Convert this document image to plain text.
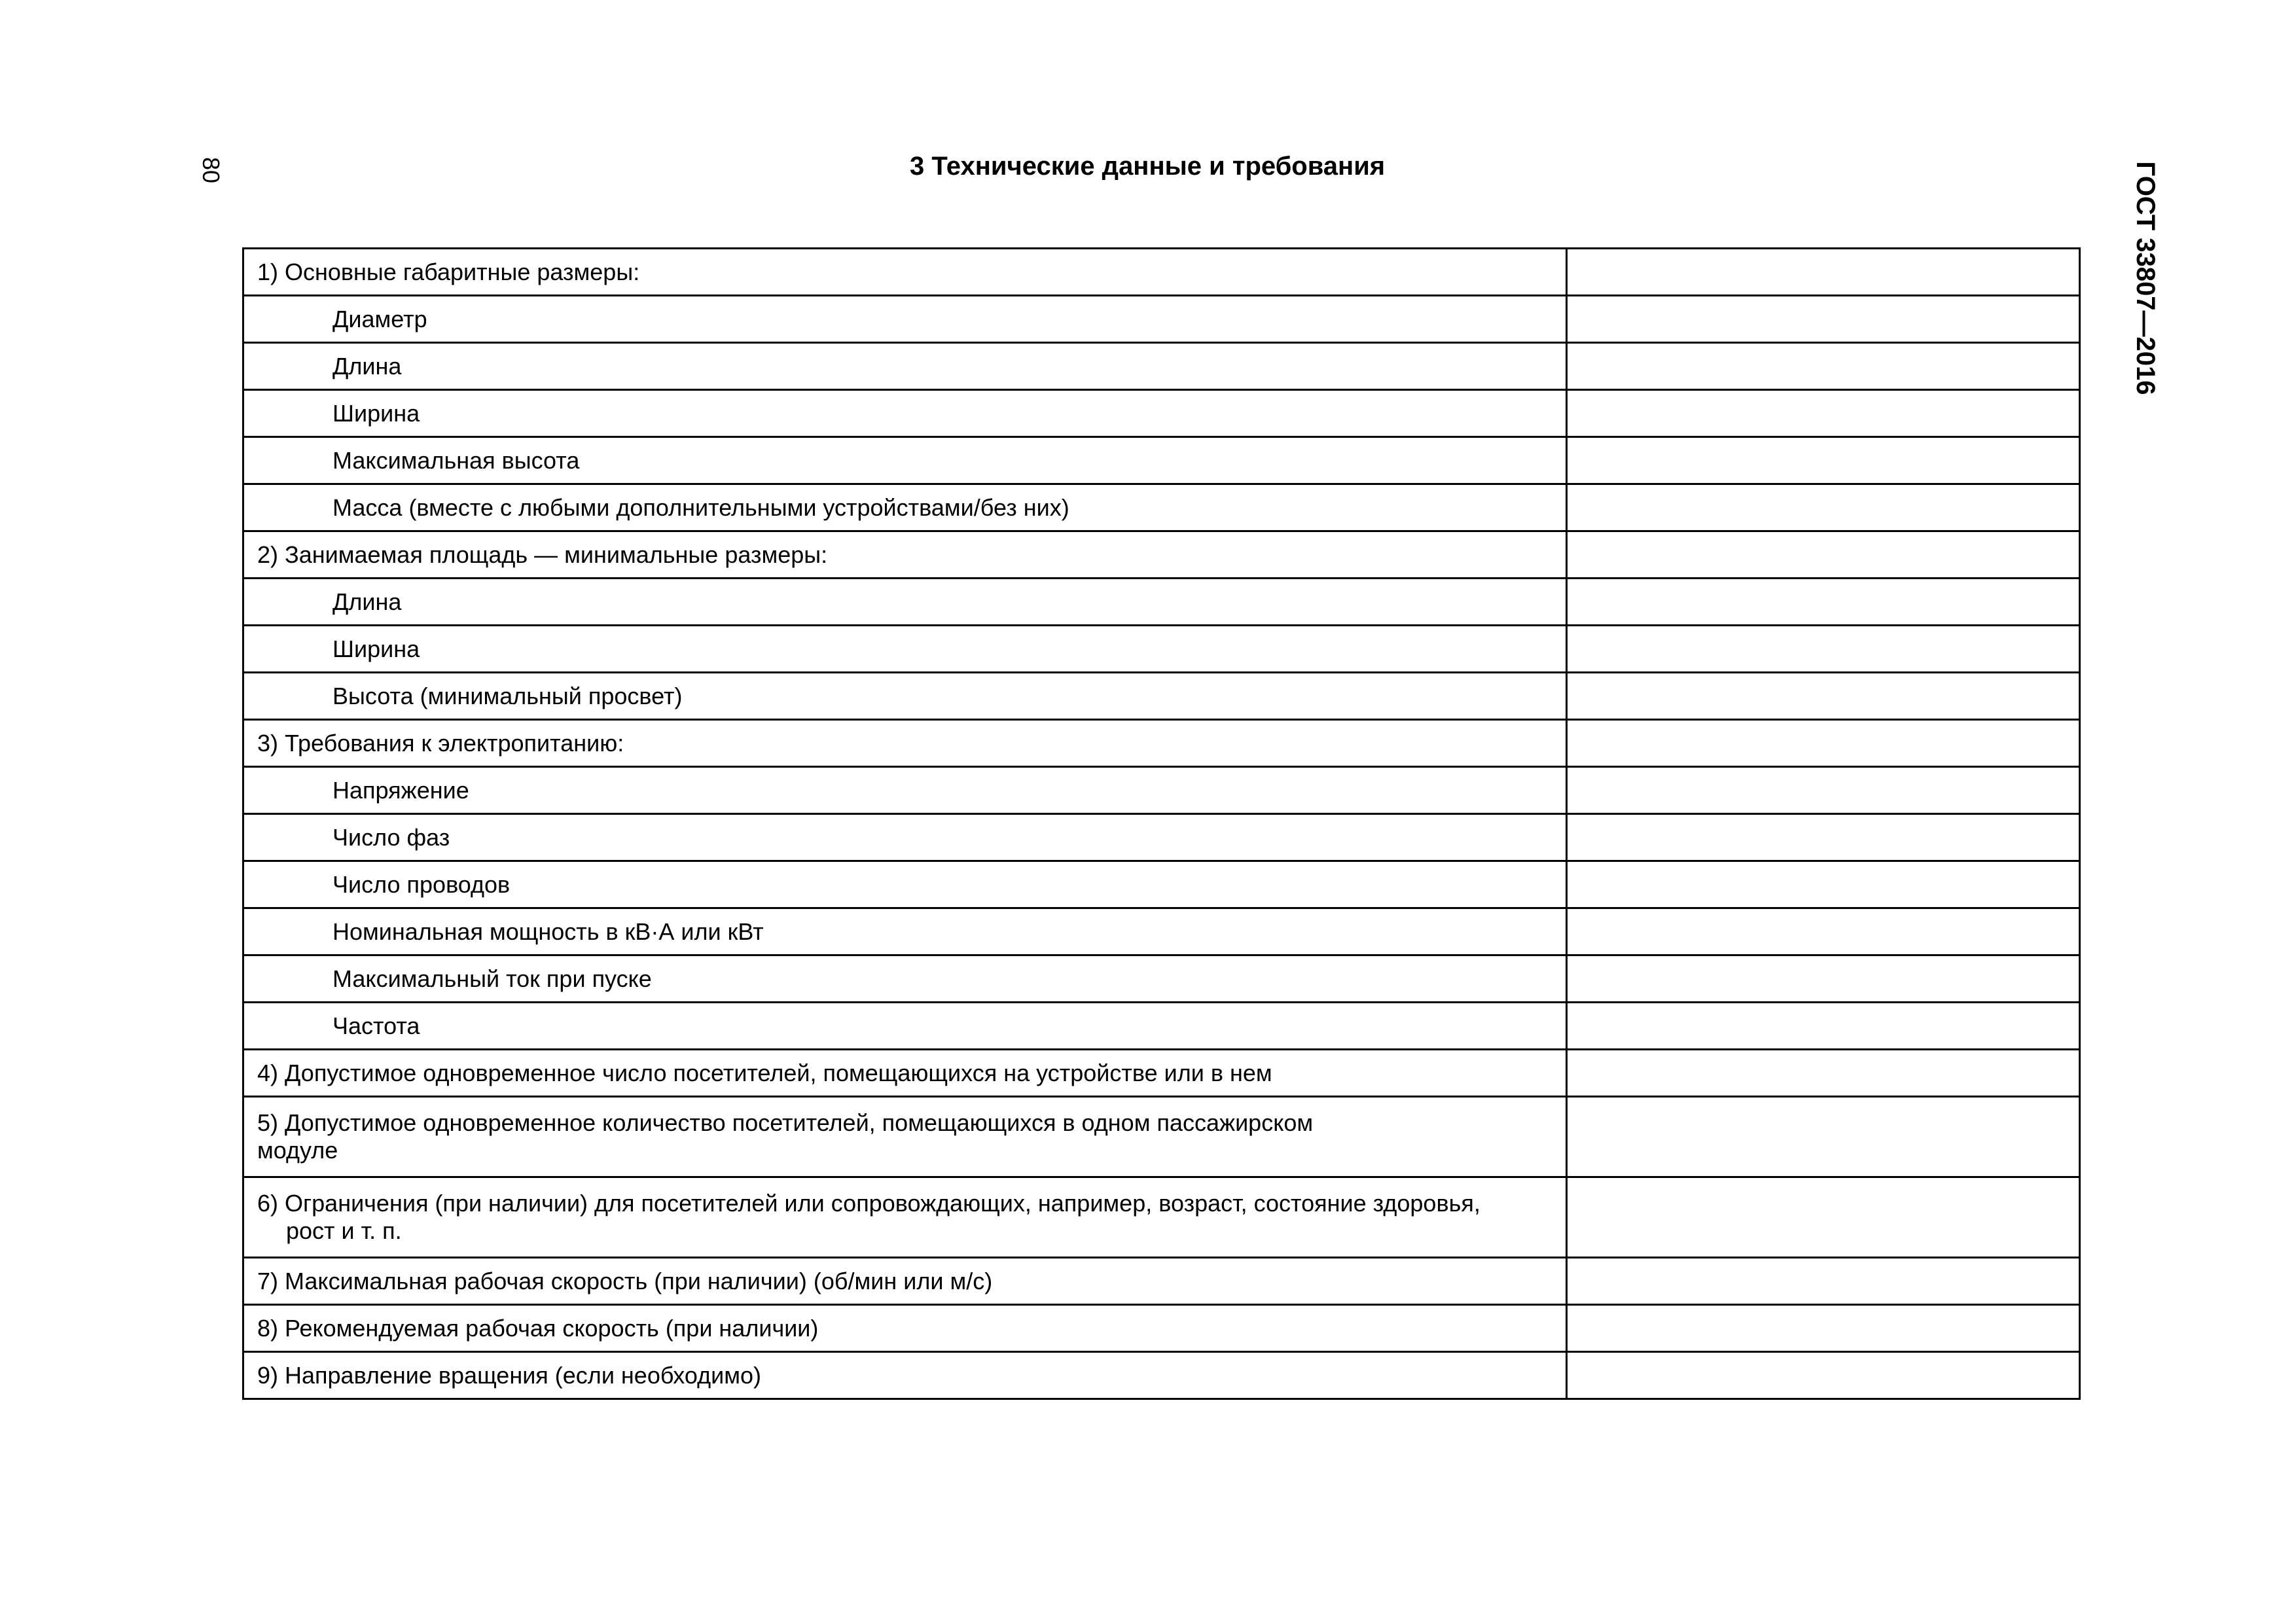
80	ГОСТ 33807—2016
3 Технические данные и требования
1) Основные габаритные размеры:	

Диаметр	

Длина	

Ширина	

Максимальная высота	

Масса (вместе с любыми дополнительными устройствами/без них)	

2) Занимаемая площадь — минимальные размеры:	

Длина	

Ширина	

Высота (минимальный просвет)	

3) Требования к электропитанию:	

Напряжение	

Число фаз	

Число проводов	

Номинальная мощность в кВ·А или кВт	

Максимальный ток при пуске	

Частота	

4) Допустимое одновременное число посетителей, помещающихся на устройстве или в нем	

5) Допустимое одновременное количество посетителей, помещающихся в одном пассажирском
модуле	

6) Ограничения (при наличии) для посетителей или сопровождающих, например, возраст, состояние здоровья,
рост и т. п.	

7) Максимальная рабочая скорость (при наличии) (об/мин или м/с)	

8) Рекомендуемая рабочая скорость (при наличии)	

9) Направление вращения (если необходимо)	
